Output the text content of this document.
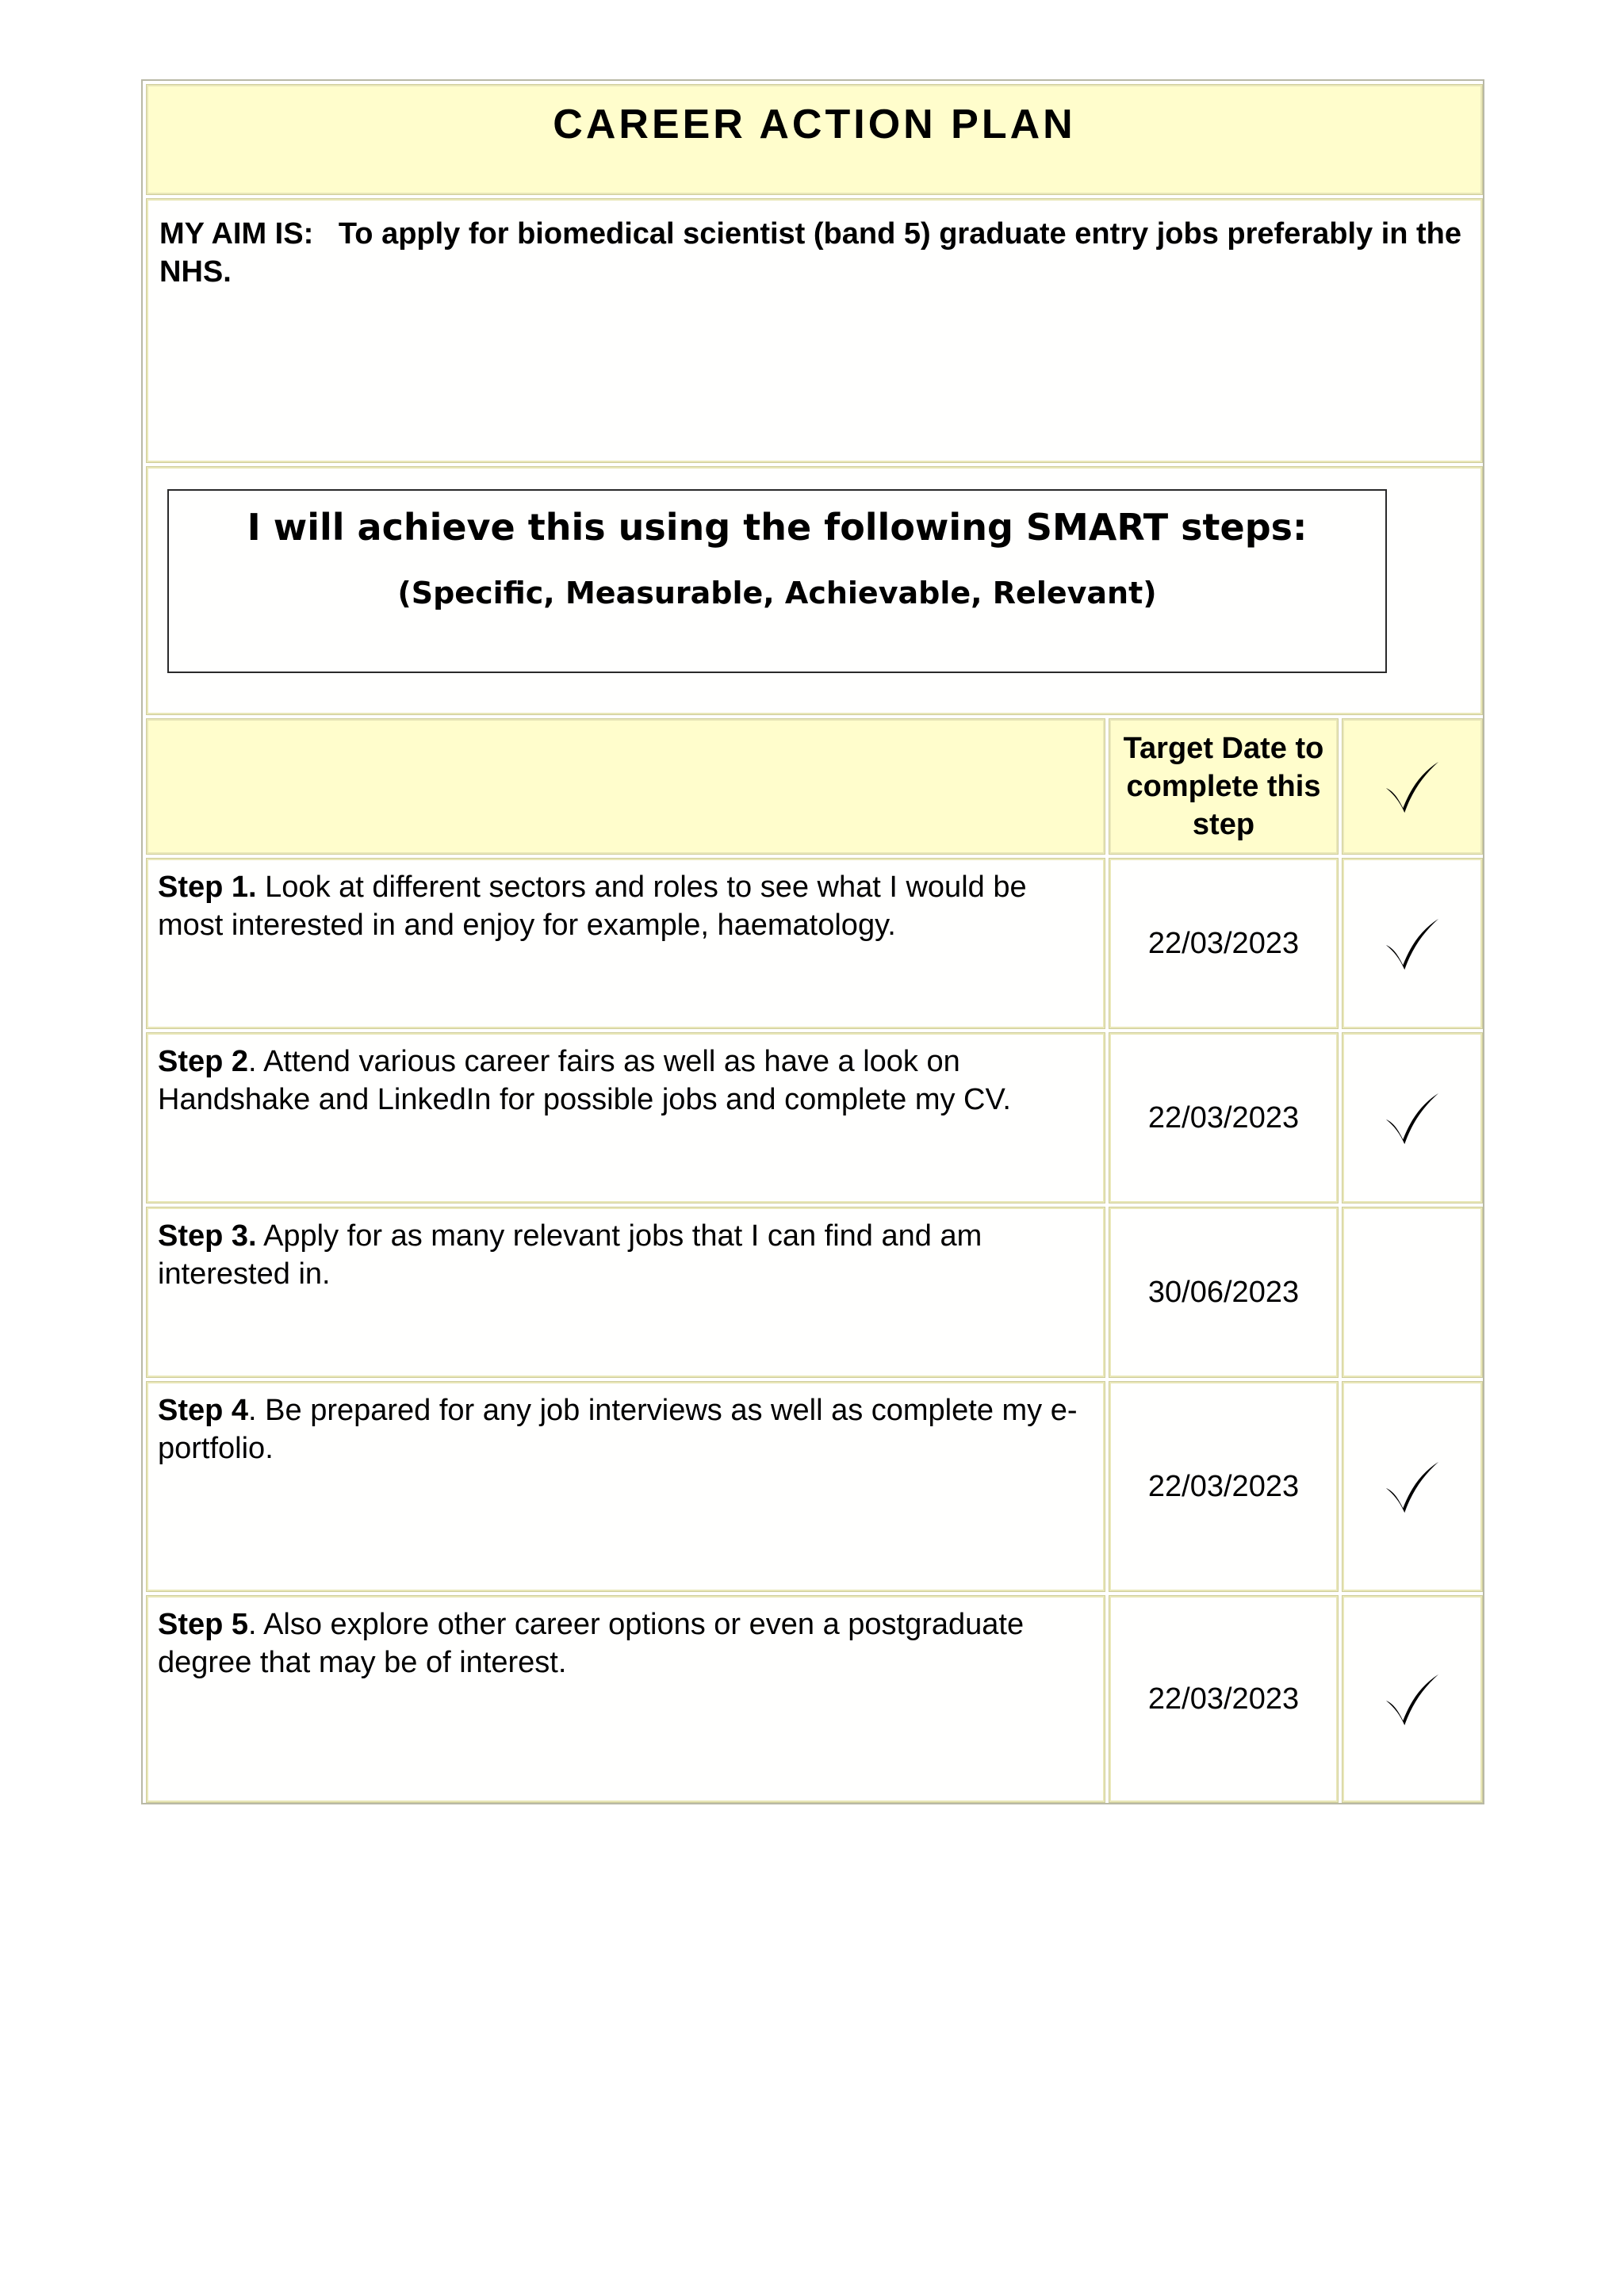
CAREER ACTION PLAN
MY AIM IS:   To apply for biomedical scientist (band 5) graduate entry jobs preferably in the NHS.
I will achieve this using the following SMART steps:
(Specific, Measurable, Achievable, Relevant)
Target Date to complete this step
Step 1. Look at different sectors and roles to see what I would be most interested in and enjoy for example, haematology.
22/03/2023
Step 2. Attend various career fairs as well as have a look on Handshake and LinkedIn for possible jobs and complete my CV.
22/03/2023
Step 3. Apply for as many relevant jobs that I can find and am interested in.
30/06/2023
Step 4. Be prepared for any job interviews as well as complete my e-portfolio.
22/03/2023
Step 5. Also explore other career options or even a postgraduate degree that may be of interest.
22/03/2023
